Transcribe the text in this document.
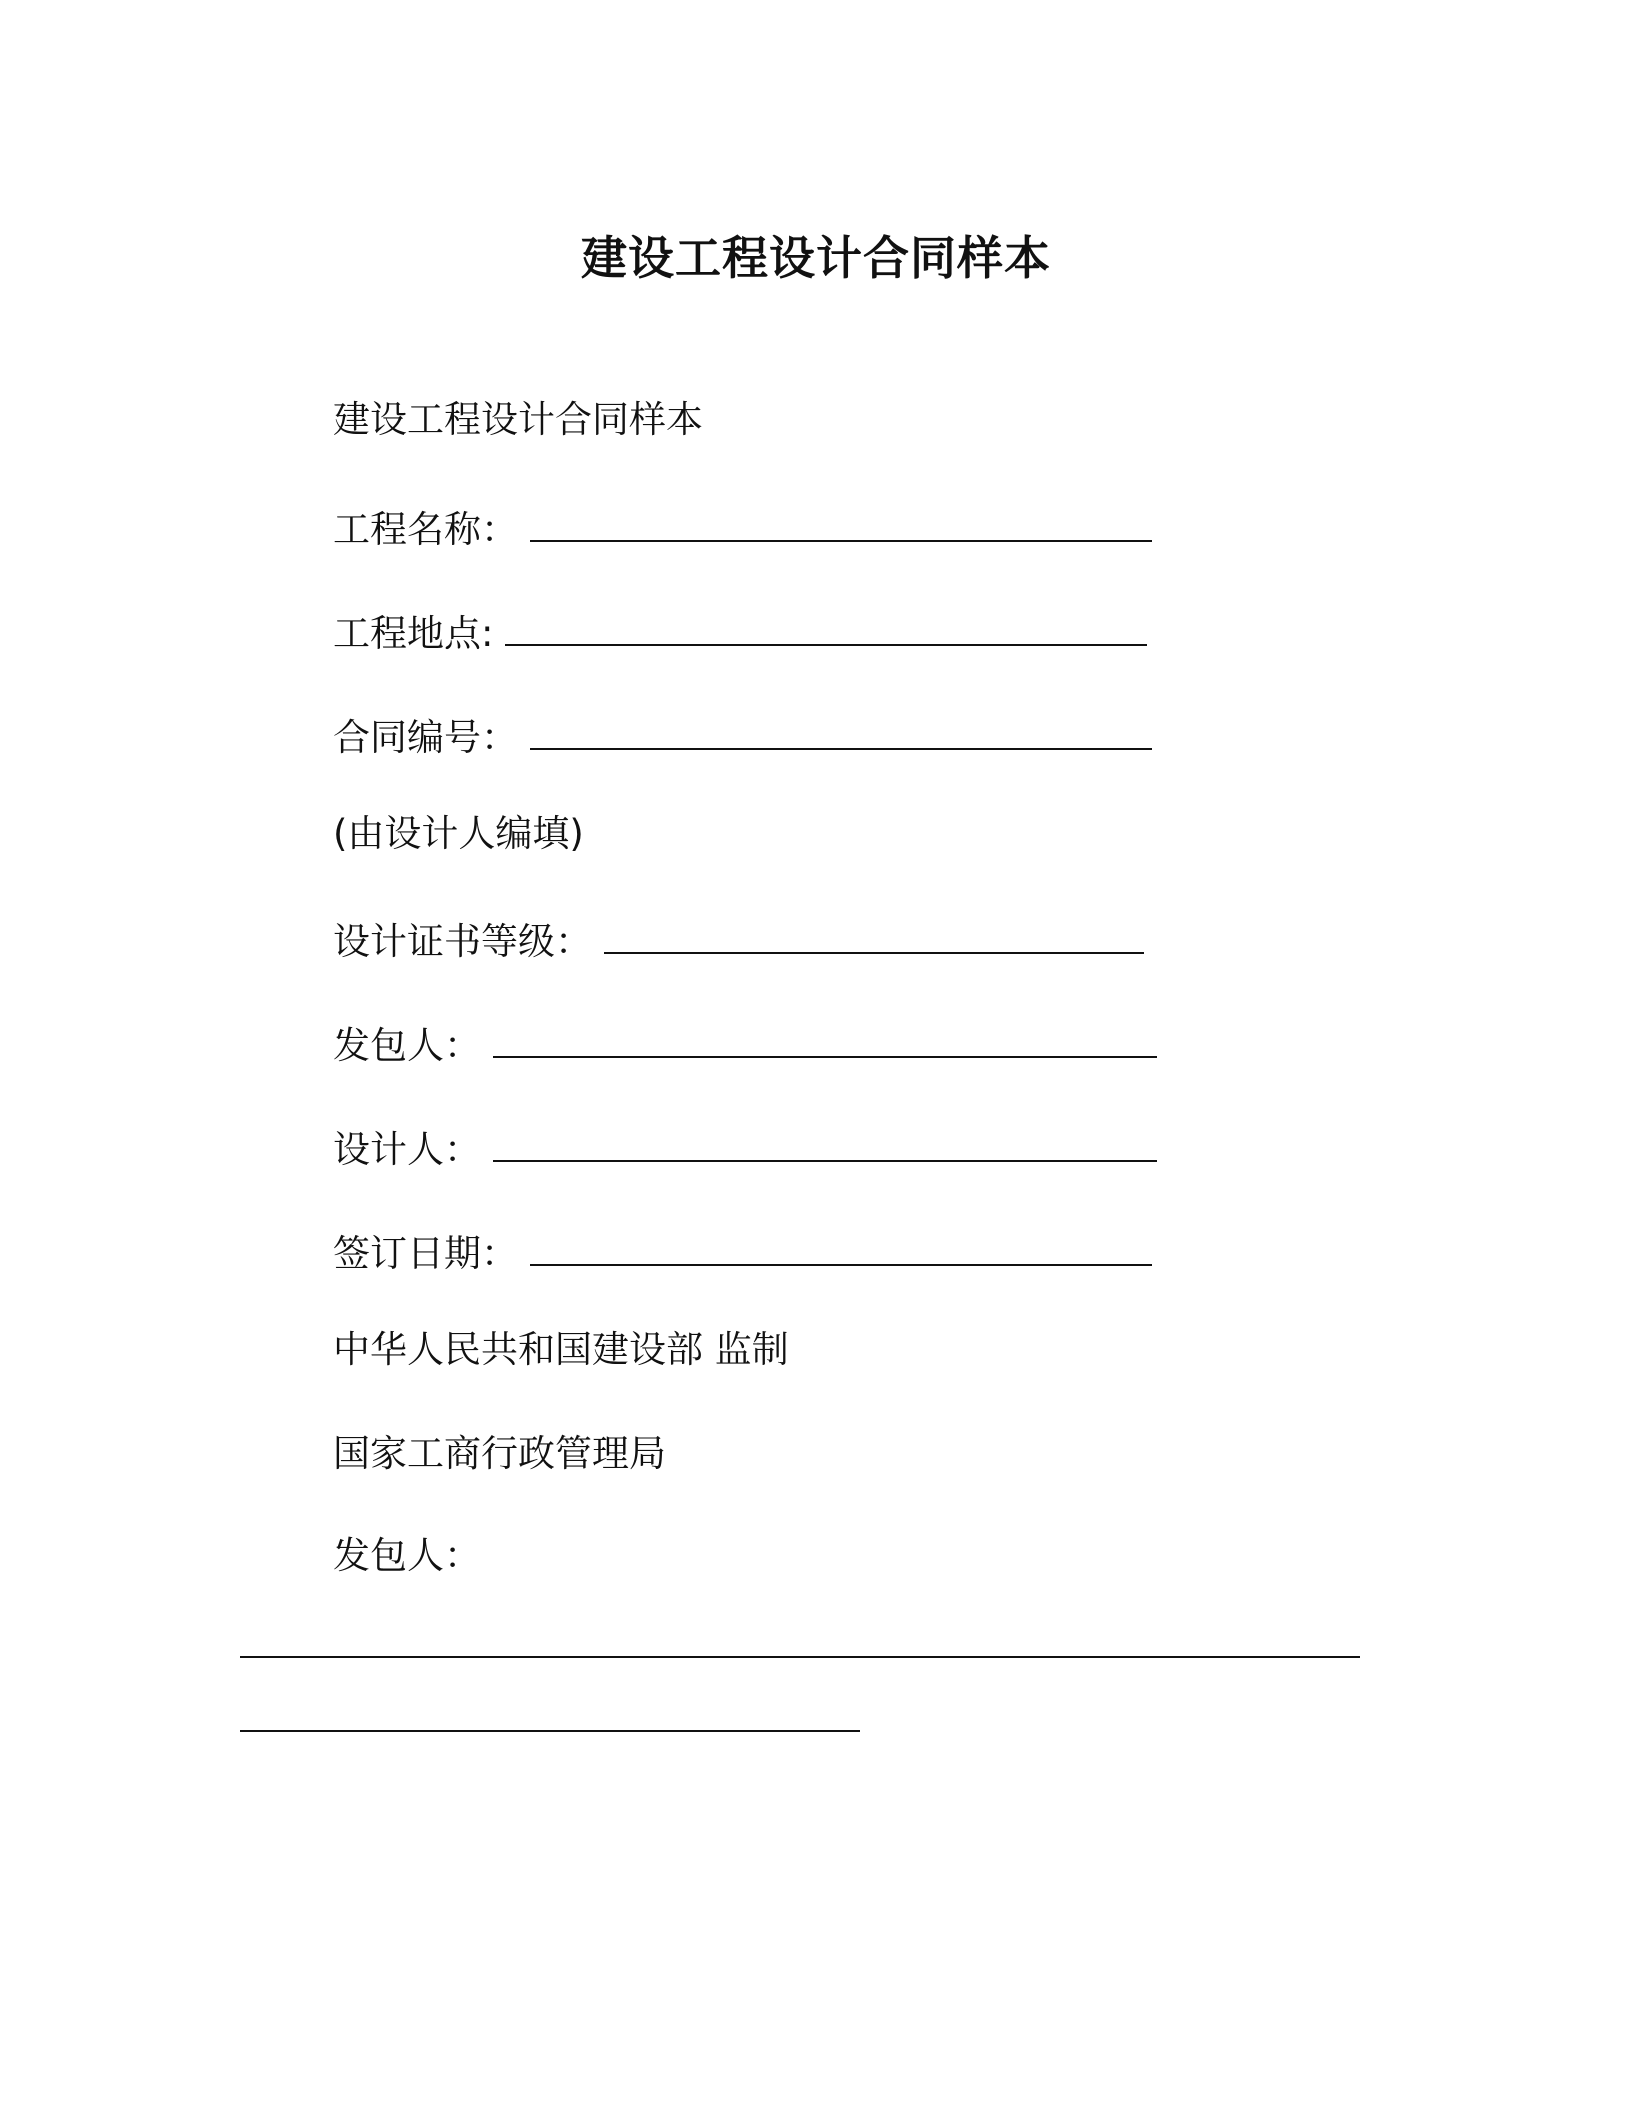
建设工程设计合同样本
建设工程设计合同样本
工程名称：
工程地点:
合同编号：
(由设计人编填)
设计证书等级：
发包人：
设计人：
签订日期：
中华人民共和国建设部 监制
国家工商行政管理局
发包人：
